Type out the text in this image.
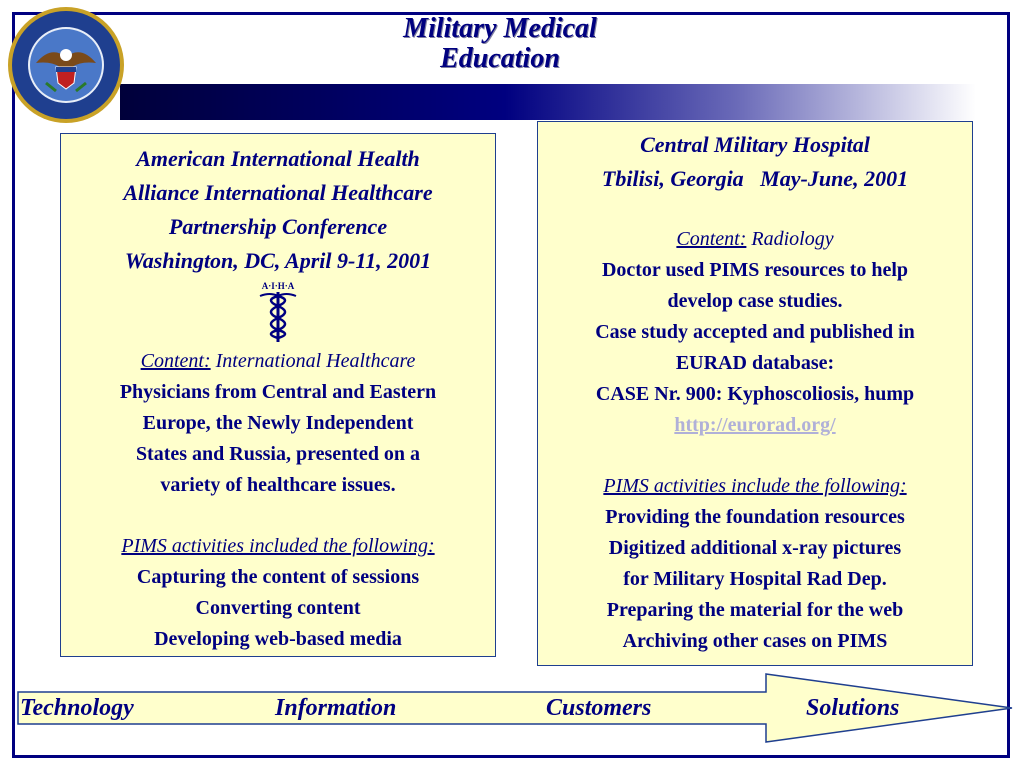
Military Medical
Education
American International Health
Alliance International Healthcare
Partnership Conference
Washington, DC, April 9-11, 2001
A·I·H·A
Content: International Healthcare
Physicians from Central and Eastern
Europe, the Newly Independent
States and Russia, presented on a
variety of healthcare issues.
PIMS activities included the following:
Capturing the content of sessions
Converting content
Developing web-based media
Central Military Hospital
Tbilisi, Georgia   May-June, 2001
Content: Radiology
Doctor used PIMS resources to help
develop case studies.
Case study accepted and published in
EURAD database:
CASE Nr. 900: Kyphoscoliosis, hump
http://eurorad.org/
PIMS activities include the following:
Providing the foundation resources
Digitized additional x-ray pictures
for Military Hospital Rad Dep.
Preparing the material for the web
Archiving other cases on PIMS
Technology	Information	Customers	Solutions
